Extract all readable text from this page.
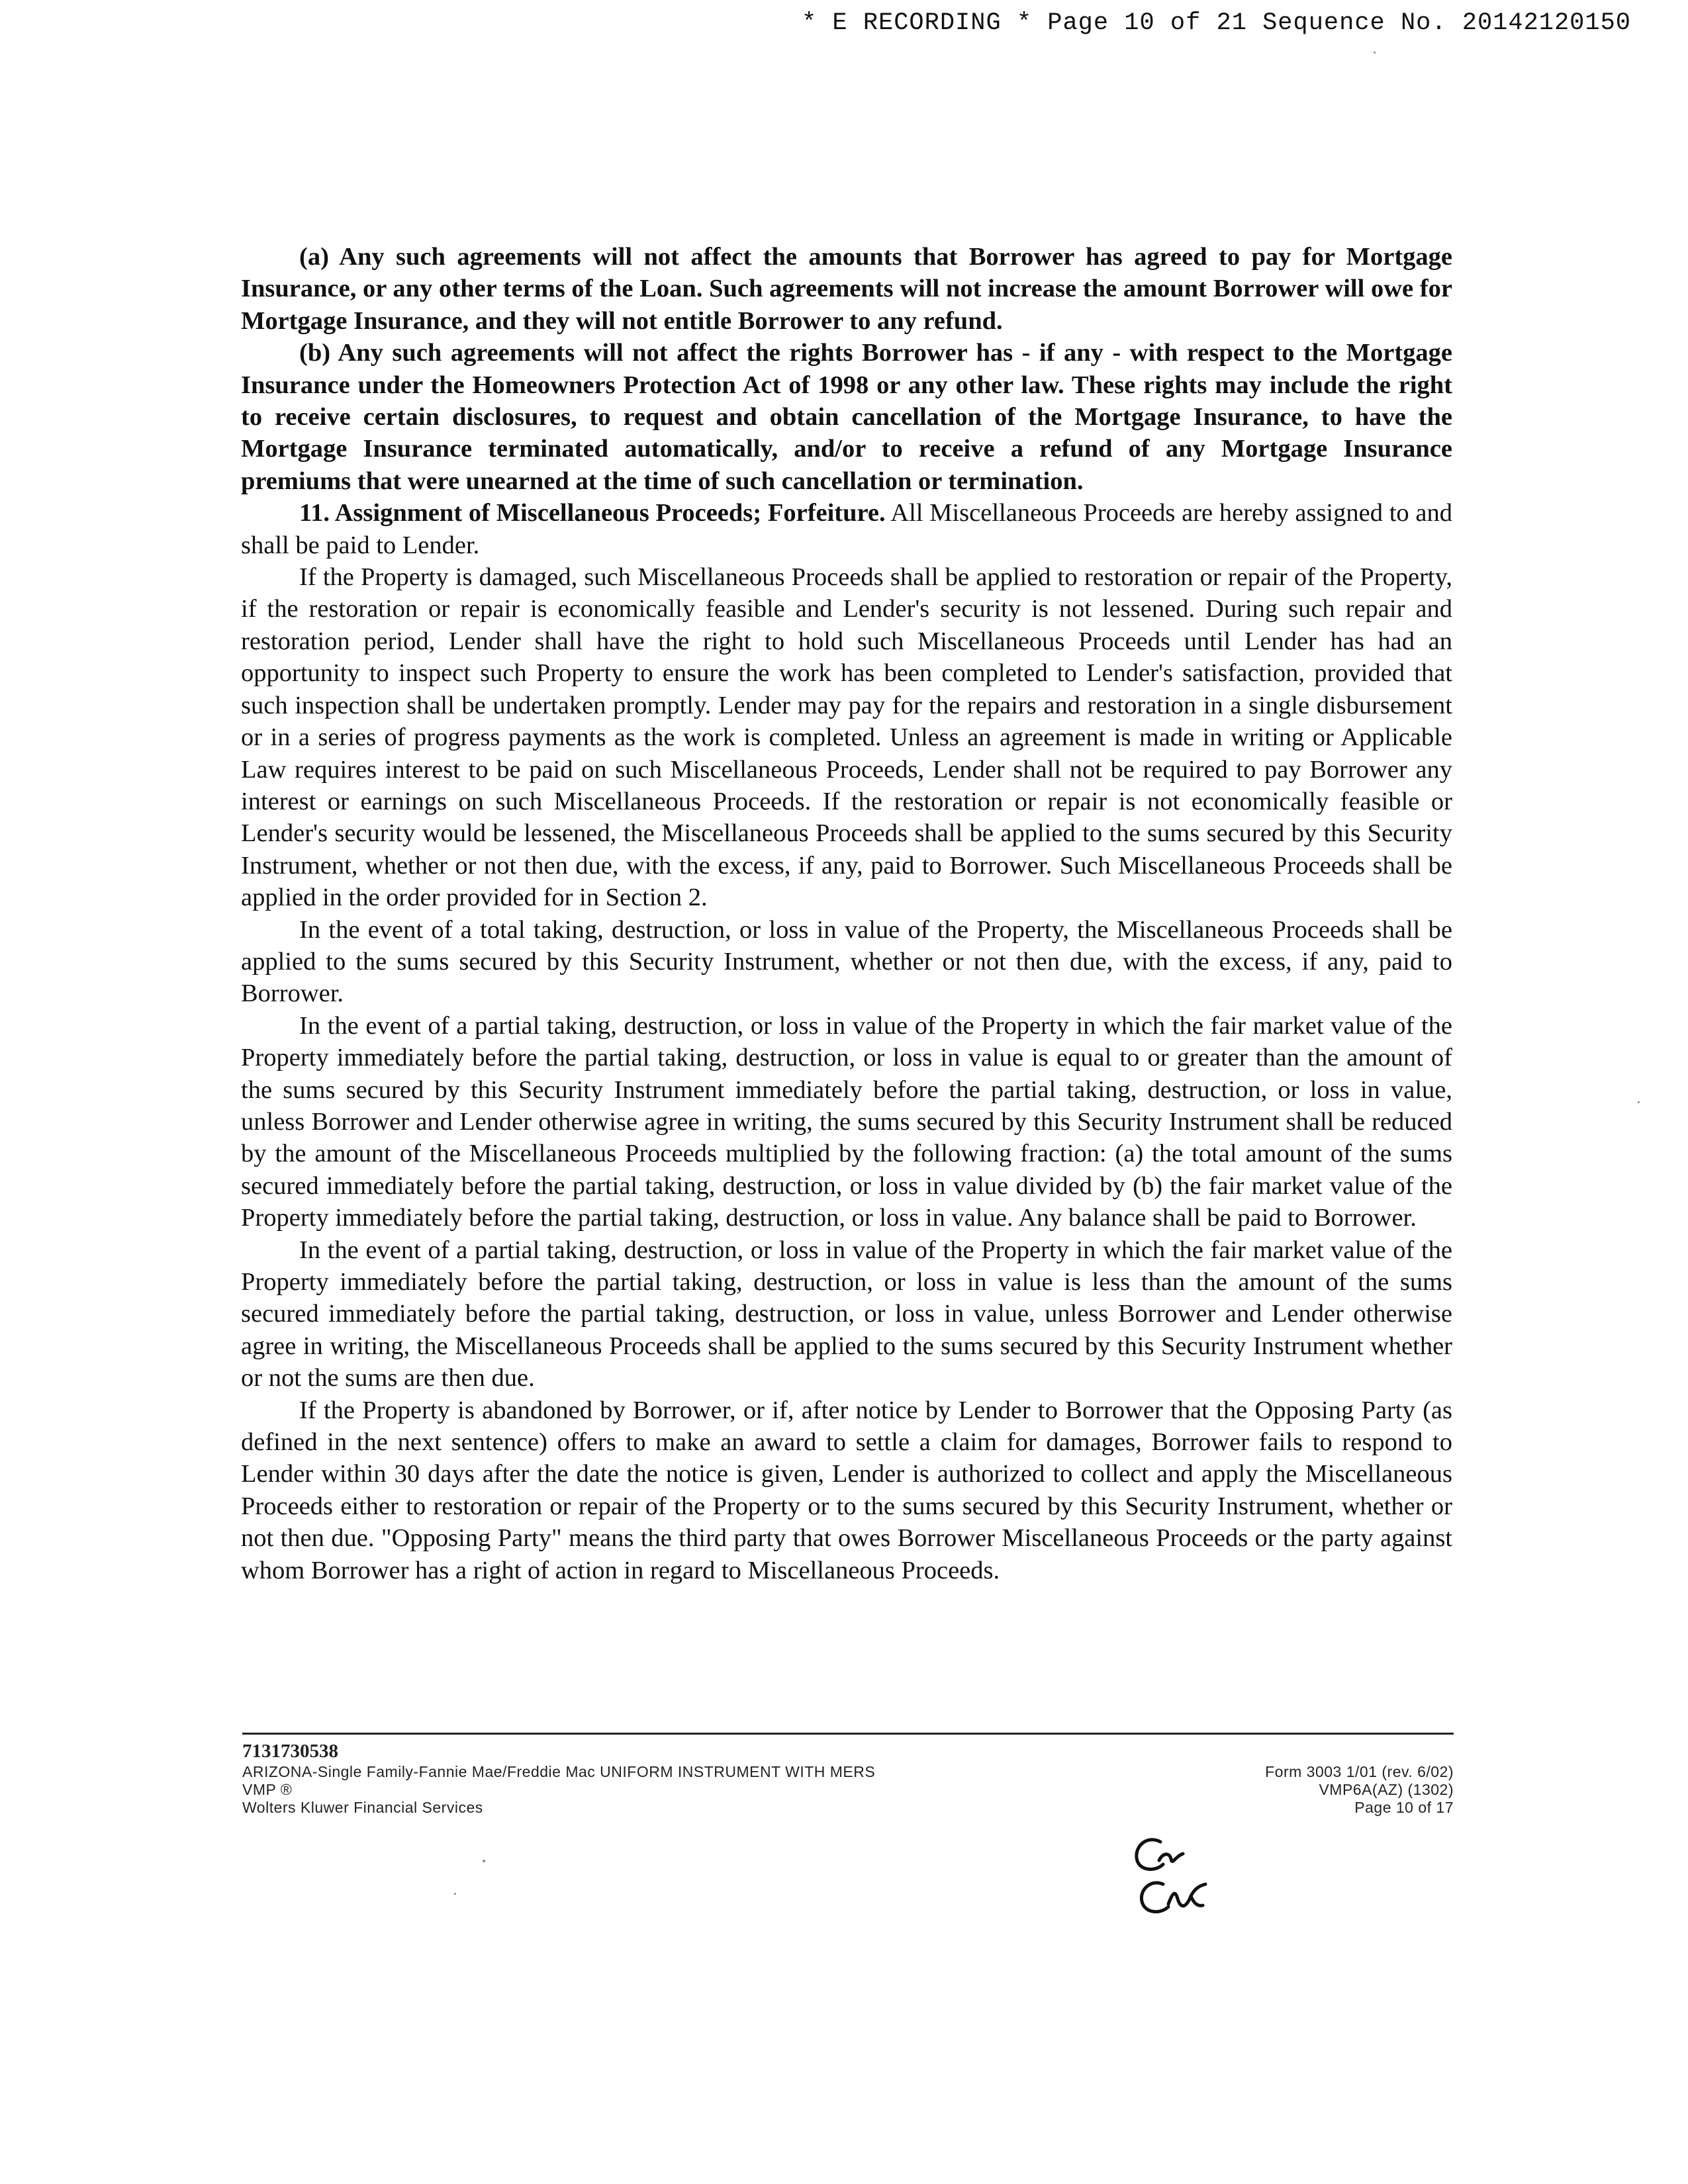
* E RECORDING * Page 10 of 21 Sequence No. 20142120150

(a) Any such agreements will not affect the amounts that Borrower has agreed to pay for Mortgage Insurance, or any other terms of the Loan. Such agreements will not increase the amount Borrower will owe for Mortgage Insurance, and they will not entitle Borrower to any refund.

(b) Any such agreements will not affect the rights Borrower has - if any - with respect to the Mortgage Insurance under the Homeowners Protection Act of 1998 or any other law. These rights may include the right to receive certain disclosures, to request and obtain cancellation of the Mortgage Insurance, to have the Mortgage Insurance terminated automatically, and/or to receive a refund of any Mortgage Insurance premiums that were unearned at the time of such cancellation or termination.

11. Assignment of Miscellaneous Proceeds; Forfeiture. All Miscellaneous Proceeds are hereby assigned to and shall be paid to Lender.

If the Property is damaged, such Miscellaneous Proceeds shall be applied to restoration or repair of the Property, if the restoration or repair is economically feasible and Lender's security is not lessened. During such repair and restoration period, Lender shall have the right to hold such Miscellaneous Proceeds until Lender has had an opportunity to inspect such Property to ensure the work has been completed to Lender's satisfaction, provided that such inspection shall be undertaken promptly. Lender may pay for the repairs and restoration in a single disbursement or in a series of progress payments as the work is completed. Unless an agreement is made in writing or Applicable Law requires interest to be paid on such Miscellaneous Proceeds, Lender shall not be required to pay Borrower any interest or earnings on such Miscellaneous Proceeds. If the restoration or repair is not economically feasible or Lender's security would be lessened, the Miscellaneous Proceeds shall be applied to the sums secured by this Security Instrument, whether or not then due, with the excess, if any, paid to Borrower. Such Miscellaneous Proceeds shall be applied in the order provided for in Section 2.

In the event of a total taking, destruction, or loss in value of the Property, the Miscellaneous Proceeds shall be applied to the sums secured by this Security Instrument, whether or not then due, with the excess, if any, paid to Borrower.

In the event of a partial taking, destruction, or loss in value of the Property in which the fair market value of the Property immediately before the partial taking, destruction, or loss in value is equal to or greater than the amount of the sums secured by this Security Instrument immediately before the partial taking, destruction, or loss in value, unless Borrower and Lender otherwise agree in writing, the sums secured by this Security Instrument shall be reduced by the amount of the Miscellaneous Proceeds multiplied by the following fraction: (a) the total amount of the sums secured immediately before the partial taking, destruction, or loss in value divided by (b) the fair market value of the Property immediately before the partial taking, destruction, or loss in value. Any balance shall be paid to Borrower.

In the event of a partial taking, destruction, or loss in value of the Property in which the fair market value of the Property immediately before the partial taking, destruction, or loss in value is less than the amount of the sums secured immediately before the partial taking, destruction, or loss in value, unless Borrower and Lender otherwise agree in writing, the Miscellaneous Proceeds shall be applied to the sums secured by this Security Instrument whether or not the sums are then due.

If the Property is abandoned by Borrower, or if, after notice by Lender to Borrower that the Opposing Party (as defined in the next sentence) offers to make an award to settle a claim for damages, Borrower fails to respond to Lender within 30 days after the date the notice is given, Lender is authorized to collect and apply the Miscellaneous Proceeds either to restoration or repair of the Property or to the sums secured by this Security Instrument, whether or not then due. "Opposing Party" means the third party that owes Borrower Miscellaneous Proceeds or the party against whom Borrower has a right of action in regard to Miscellaneous Proceeds.

7131730538
ARIZONA-Single Family-Fannie Mae/Freddie Mac UNIFORM INSTRUMENT WITH MERS
VMP ®
Wolters Kluwer Financial Services
Form 3003 1/01 (rev. 6/02)
VMP6A(AZ) (1302)
Page 10 of 17
